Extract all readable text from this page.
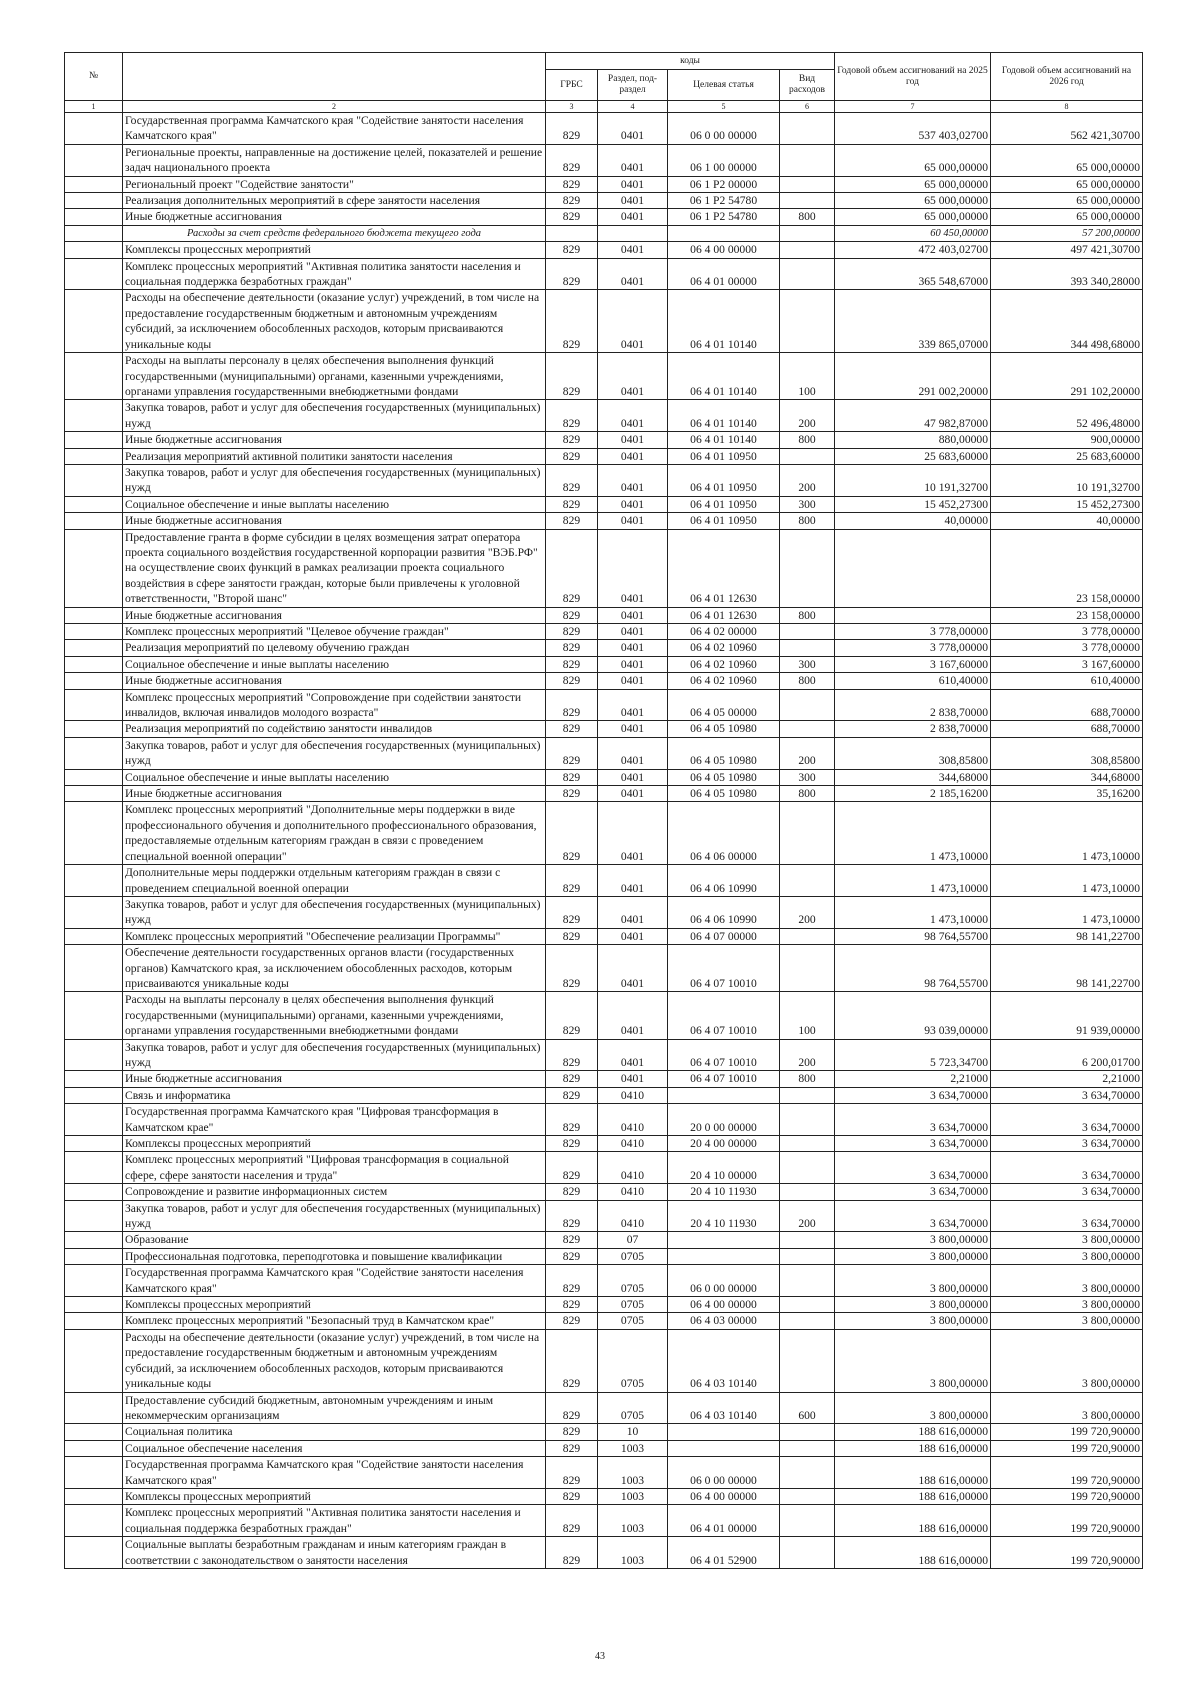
№		коды				Годовой объем ассигнований на 2025 год	Годовой объем ассигнований на 2026 год
		ГРБС	Раздел, под-раздел	Целевая статья	Вид расходов		
1	2	3	4	5	6	7	8
	Государственная программа Камчатского края "Содействие занятости населения Камчатского края"	829	0401	06 0 00 00000		537 403,02700	562 421,30700
	Региональные проекты, направленные на достижение целей, показателей и решение задач национального проекта	829	0401	06 1 00 00000		65 000,00000	65 000,00000
	Региональный проект "Содействие занятости"	829	0401	06 1 P2 00000		65 000,00000	65 000,00000
	Реализация дополнительных мероприятий в сфере занятости населения	829	0401	06 1 P2 54780		65 000,00000	65 000,00000
	Иные бюджетные ассигнования	829	0401	06 1 P2 54780	800	65 000,00000	65 000,00000
	Расходы за счет средств федерального бюджета текущего года					60 450,00000	57 200,00000
	Комплексы процессных мероприятий	829	0401	06 4 00 00000		472 403,02700	497 421,30700
	Комплекс процессных мероприятий "Активная политика занятости населения и социальная поддержка безработных граждан"	829	0401	06 4 01 00000		365 548,67000	393 340,28000
	Расходы на обеспечение деятельности (оказание услуг) учреждений, в том числе на предоставление государственным бюджетным и автономным учреждениям субсидий, за исключением обособленных расходов, которым присваиваются уникальные коды	829	0401	06 4 01 10140		339 865,07000	344 498,68000
	Расходы на выплаты персоналу в целях обеспечения выполнения функций государственными (муниципальными) органами, казенными учреждениями, органами управления государственными внебюджетными фондами	829	0401	06 4 01 10140	100	291 002,20000	291 102,20000
	Закупка товаров, работ и услуг для обеспечения государственных (муниципальных) нужд	829	0401	06 4 01 10140	200	47 982,87000	52 496,48000
	Иные бюджетные ассигнования	829	0401	06 4 01 10140	800	880,00000	900,00000
	Реализация мероприятий активной политики занятости населения	829	0401	06 4 01 10950		25 683,60000	25 683,60000
	Закупка товаров, работ и услуг для обеспечения государственных (муниципальных) нужд	829	0401	06 4 01 10950	200	10 191,32700	10 191,32700
	Социальное обеспечение и иные выплаты населению	829	0401	06 4 01 10950	300	15 452,27300	15 452,27300
	Иные бюджетные ассигнования	829	0401	06 4 01 10950	800	40,00000	40,00000
	Предоставление гранта в форме субсидии в целях возмещения затрат оператора проекта социального воздействия государственной корпорации развития "ВЭБ.РФ" на осуществление своих функций в рамках реализации проекта социального воздействия в сфере занятости граждан, которые были привлечены к уголовной ответственности, "Второй шанс"	829	0401	06 4 01 12630			23 158,00000
	Иные бюджетные ассигнования	829	0401	06 4 01 12630	800		23 158,00000
	Комплекс процессных мероприятий "Целевое обучение граждан"	829	0401	06 4 02 00000		3 778,00000	3 778,00000
	Реализация мероприятий по целевому обучению граждан	829	0401	06 4 02 10960		3 778,00000	3 778,00000
	Социальное обеспечение и иные выплаты населению	829	0401	06 4 02 10960	300	3 167,60000	3 167,60000
	Иные бюджетные ассигнования	829	0401	06 4 02 10960	800	610,40000	610,40000
	Комплекс процессных мероприятий "Сопровождение при содействии занятости инвалидов, включая инвалидов молодого возраста"	829	0401	06 4 05 00000		2 838,70000	688,70000
	Реализация мероприятий по содействию занятости инвалидов	829	0401	06 4 05 10980		2 838,70000	688,70000
	Закупка товаров, работ и услуг для обеспечения государственных (муниципальных) нужд	829	0401	06 4 05 10980	200	308,85800	308,85800
	Социальное обеспечение и иные выплаты населению	829	0401	06 4 05 10980	300	344,68000	344,68000
	Иные бюджетные ассигнования	829	0401	06 4 05 10980	800	2 185,16200	35,16200
	Комплекс процессных мероприятий "Дополнительные меры поддержки в виде профессионального обучения и дополнительного профессионального образования, предоставляемые отдельным категориям граждан в связи с проведением специальной военной операции"	829	0401	06 4 06 00000		1 473,10000	1 473,10000
	Дополнительные меры поддержки отдельным категориям граждан в связи с проведением специальной военной операции	829	0401	06 4 06 10990		1 473,10000	1 473,10000
	Закупка товаров, работ и услуг для обеспечения государственных (муниципальных) нужд	829	0401	06 4 06 10990	200	1 473,10000	1 473,10000
	Комплекс процессных мероприятий "Обеспечение реализации Программы"	829	0401	06 4 07 00000		98 764,55700	98 141,22700
	Обеспечение деятельности государственных органов власти (государственных органов) Камчатского края, за исключением обособленных расходов, которым присваиваются уникальные коды	829	0401	06 4 07 10010		98 764,55700	98 141,22700
	Расходы на выплаты персоналу в целях обеспечения выполнения функций государственными (муниципальными) органами, казенными учреждениями, органами управления государственными внебюджетными фондами	829	0401	06 4 07 10010	100	93 039,00000	91 939,00000
	Закупка товаров, работ и услуг для обеспечения государственных (муниципальных) нужд	829	0401	06 4 07 10010	200	5 723,34700	6 200,01700
	Иные бюджетные ассигнования	829	0401	06 4 07 10010	800	2,21000	2,21000
	Связь и информатика	829	0410			3 634,70000	3 634,70000
	Государственная программа Камчатского края "Цифровая трансформация в Камчатском крае"	829	0410	20 0 00 00000		3 634,70000	3 634,70000
	Комплексы процессных мероприятий	829	0410	20 4 00 00000		3 634,70000	3 634,70000
	Комплекс процессных мероприятий "Цифровая трансформация в социальной сфере, сфере занятости населения и труда"	829	0410	20 4 10 00000		3 634,70000	3 634,70000
	Сопровождение и развитие информационных систем	829	0410	20 4 10 11930		3 634,70000	3 634,70000
	Закупка товаров, работ и услуг для обеспечения государственных (муниципальных) нужд	829	0410	20 4 10 11930	200	3 634,70000	3 634,70000
	Образование	829	07			3 800,00000	3 800,00000
	Профессиональная подготовка, переподготовка и повышение квалификации	829	0705			3 800,00000	3 800,00000
	Государственная программа Камчатского края "Содействие занятости населения Камчатского края"	829	0705	06 0 00 00000		3 800,00000	3 800,00000
	Комплексы процессных мероприятий	829	0705	06 4 00 00000		3 800,00000	3 800,00000
	Комплекс процессных мероприятий "Безопасный труд в Камчатском крае"	829	0705	06 4 03 00000		3 800,00000	3 800,00000
	Расходы на обеспечение деятельности (оказание услуг) учреждений, в том числе на предоставление государственным бюджетным и автономным учреждениям субсидий, за исключением обособленных расходов, которым присваиваются уникальные коды	829	0705	06 4 03 10140		3 800,00000	3 800,00000
	Предоставление субсидий бюджетным, автономным учреждениям и иным некоммерческим организациям	829	0705	06 4 03 10140	600	3 800,00000	3 800,00000
	Социальная политика	829	10			188 616,00000	199 720,90000
	Социальное обеспечение населения	829	1003			188 616,00000	199 720,90000
	Государственная программа Камчатского края "Содействие занятости населения Камчатского края"	829	1003	06 0 00 00000		188 616,00000	199 720,90000
	Комплексы процессных мероприятий	829	1003	06 4 00 00000		188 616,00000	199 720,90000
	Комплекс процессных мероприятий "Активная политика занятости населения и социальная поддержка безработных граждан"	829	1003	06 4 01 00000		188 616,00000	199 720,90000
	Социальные выплаты безработным гражданам и иным категориям граждан в соответствии с законодательством о занятости населения	829	1003	06 4 01 52900		188 616,00000	199 720,90000
43
